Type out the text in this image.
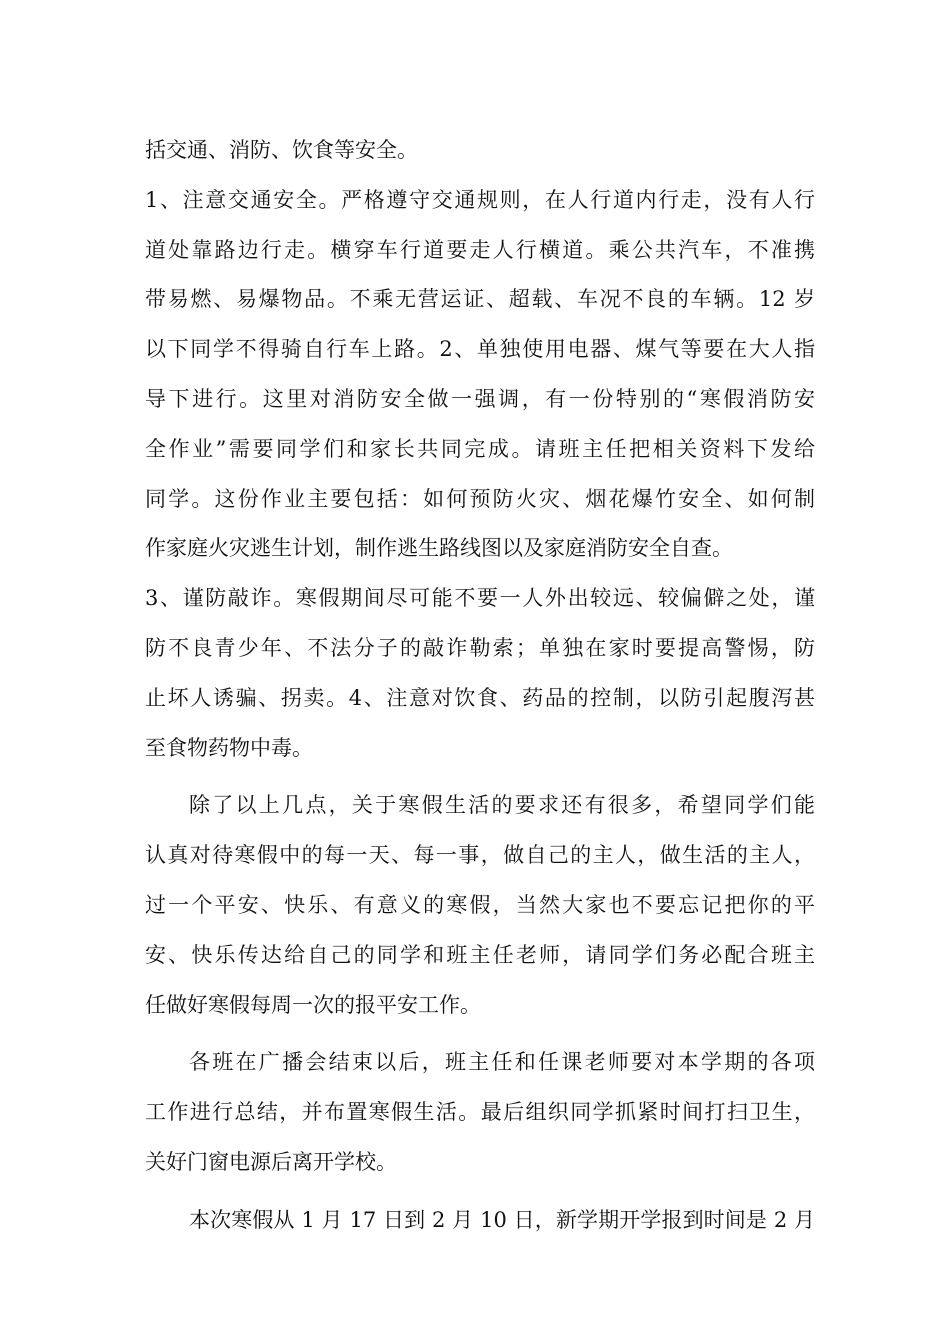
括交通、消防、饮食等安全。
1、注意交通安全。严格遵守交通规则，在人行道内行走，没有人行
道处靠路边行走。横穿车行道要走人行横道。乘公共汽车，不准携
带易燃、易爆物品。不乘无营运证、超载、车况不良的车辆。12 岁
以下同学不得骑自行车上路。2、单独使用电器、煤气等要在大人指
导下进行。这里对消防安全做一强调，有一份特别的“寒假消防安
全作业”需要同学们和家长共同完成。请班主任把相关资料下发给
同学。这份作业主要包括：如何预防火灾、烟花爆竹安全、如何制
作家庭火灾逃生计划，制作逃生路线图以及家庭消防安全自查。
3、谨防敲诈。寒假期间尽可能不要一人外出较远、较偏僻之处，谨
防不良青少年、不法分子的敲诈勒索；单独在家时要提高警惕，防
止坏人诱骗、拐卖。4、注意对饮食、药品的控制，以防引起腹泻甚
至食物药物中毒。
除了以上几点，关于寒假生活的要求还有很多，希望同学们能
认真对待寒假中的每一天、每一事，做自己的主人，做生活的主人，
过一个平安、快乐、有意义的寒假，当然大家也不要忘记把你的平
安、快乐传达给自己的同学和班主任老师，请同学们务必配合班主
任做好寒假每周一次的报平安工作。
各班在广播会结束以后，班主任和任课老师要对本学期的各项
工作进行总结，并布置寒假生活。最后组织同学抓紧时间打扫卫生，
关好门窗电源后离开学校。
本次寒假从 1 月 17 日到 2 月 10 日，新学期开学报到时间是 2 月
